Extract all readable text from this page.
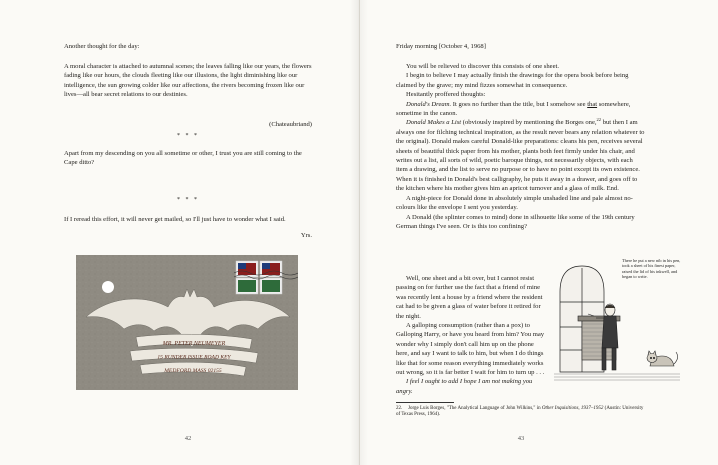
Another thought for the day:
A moral character is attached to autumnal scenes; the leaves falling like our years, the flowers fading like our hours, the clouds fleeting like our illusions, the light diminishing like our intelligence, the sun growing colder like our affections, the rivers becoming frozen like our lives—all bear secret relations to our destinies.
(Chateaubriand)
* * *
Apart from my descending on you all sometime or other, I trust you are still coming to the Cape ditto?
* * *
If I reread this effort, it will never get mailed, so I'll just have to wonder what I said.
Yrs.
MR. PETER NEUMEYER
15 RUNDER ISSUE ROAD KEY
MEDFORD MASS 02155
42
Friday morning [October 4, 1968]
You will be relieved to discover this consists of one sheet.
I begin to believe I may actually finish the drawings for the opera book before being claimed by the grave; my mind fizzes somewhat in consequence.
Hesitantly proffered thoughts:
Donald's Dream. It goes no further than the title, but I somehow see that somewhere, sometime in the canon.
Donald Makes a List (obviously inspired by mentioning the Borges one,$^{22}$ but then I am always one for filching technical inspiration, as the result never bears any relation whatever to the original). Donald makes careful Donald-like preparations: cleans his pen, receives several sheets of beautiful thick paper from his mother, plants both feet firmly under his chair, and writes out a list, all sorts of wild, poetic baroque things, not necessarily objects, with each item a drawing, and the list to serve no purpose or to have no point except its own existence. When it is finished in Donald's best calligraphy, he puts it away in a drawer, and goes off to the kitchen where his mother gives him an apricot turnover and a glass of milk. End.
A night-piece for Donald done in absolutely simple unshaded line and pale almost no-colours like the envelope I sent you yesterday.
A Donald (the splinter comes to mind) done in silhouette like some of the 19th century German things I've seen. Or is this too confining?
Well, one sheet and a bit over, but I cannot resist passing on for further use the fact that a friend of mine was recently lent a house by a friend where the resident cat had to be given a glass of water before it retired for the night.
A galloping consumption (rather than a pox) to Galloping Harry, or have you heard from him? You may wonder why I simply don't call him up on the phone here, and say I want to talk to him, but when I do things like that for some reason everything immediately works out wrong, so it is far better I wait for him to turn up . . .
I feel I ought to add I hope I am not making you angry.
There he put a new nib in his pen, took a sheet of his finest paper, raised the lid of his inkwell, and began to write.
22. Jorge Luis Borges, "The Analytical Language of John Wilkins," in Other Inquisitions, 1937–1952 (Austin: University of Texas Press, 1964).
43
